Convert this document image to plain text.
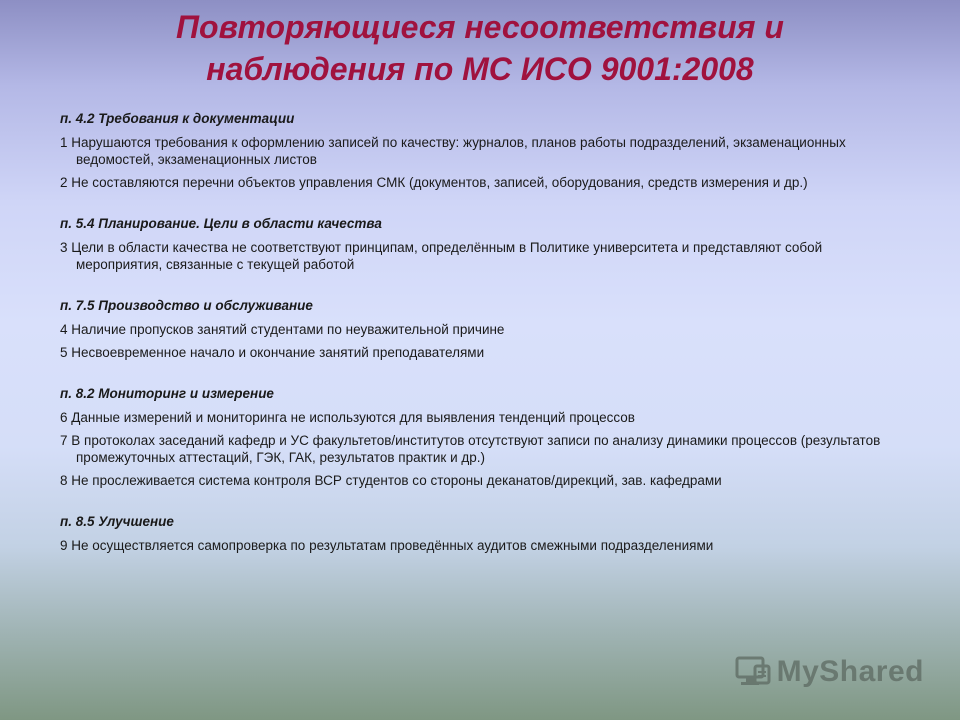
Повторяющиеся несоответствия и
наблюдения по МС ИСО 9001:2008
п. 4.2 Требования к документации
1 Нарушаются требования к оформлению записей по качеству: журналов, планов работы подразделений, экзаменационных ведомостей, экзаменационных листов
2 Не составляются перечни объектов управления СМК (документов, записей, оборудования, средств измерения и др.)
п. 5.4 Планирование. Цели в области качества
3 Цели в области качества не соответствуют принципам, определённым в Политике университета и представляют собой мероприятия, связанные с текущей работой
п. 7.5 Производство и обслуживание
4 Наличие пропусков занятий студентами по неуважительной причине
5 Несвоевременное начало и окончание занятий преподавателями
п. 8.2 Мониторинг и измерение
6 Данные измерений и мониторинга не используются для выявления тенденций процессов
7 В протоколах заседаний кафедр и УС факультетов/институтов отсутствуют записи по анализу динамики процессов (результатов промежуточных аттестаций, ГЭК, ГАК, результатов практик и др.)
8 Не прослеживается система контроля ВСР студентов со стороны деканатов/дирекций, зав. кафедрами
п. 8.5 Улучшение
9 Не осуществляется самопроверка по результатам проведённых аудитов смежными подразделениями
MyShared
